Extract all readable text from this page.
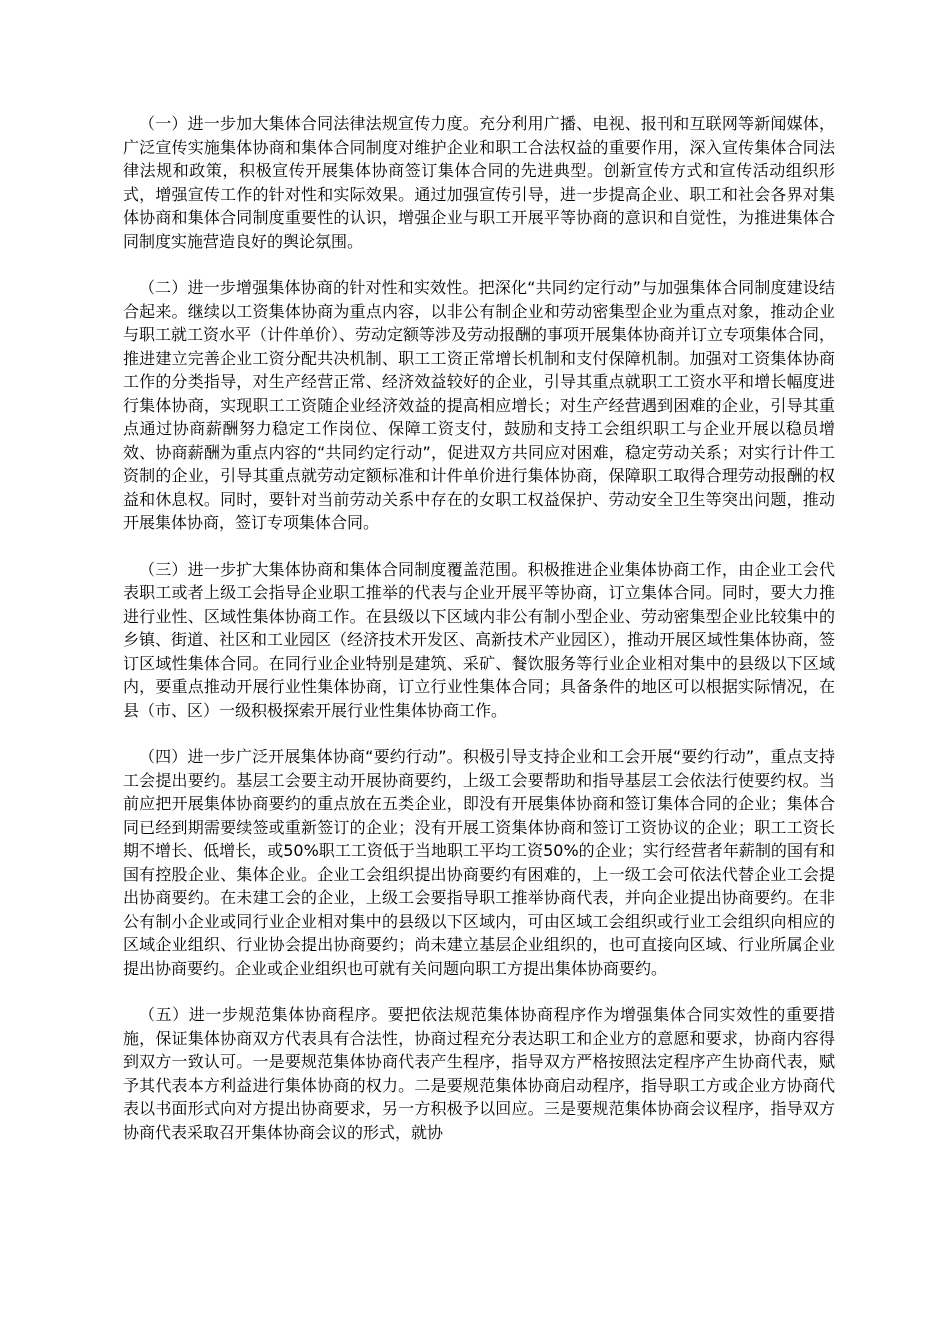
（一）进一步加大集体合同法律法规宣传力度。充分利用广播、电视、报刊和互联网等新闻媒体，广泛宣传实施集体协商和集体合同制度对维护企业和职工合法权益的重要作用，深入宣传集体合同法律法规和政策，积极宣传开展集体协商签订集体合同的先进典型。创新宣传方式和宣传活动组织形式，增强宣传工作的针对性和实际效果。通过加强宣传引导，进一步提高企业、职工和社会各界对集体协商和集体合同制度重要性的认识，增强企业与职工开展平等协商的意识和自觉性，为推进集体合同制度实施营造良好的舆论氛围。

（二）进一步增强集体协商的针对性和实效性。把深化“共同约定行动”与加强集体合同制度建设结合起来。继续以工资集体协商为重点内容，以非公有制企业和劳动密集型企业为重点对象，推动企业与职工就工资水平（计件单价）、劳动定额等涉及劳动报酬的事项开展集体协商并订立专项集体合同，推进建立完善企业工资分配共决机制、职工工资正常增长机制和支付保障机制。加强对工资集体协商工作的分类指导，对生产经营正常、经济效益较好的企业，引导其重点就职工工资水平和增长幅度进行集体协商，实现职工工资随企业经济效益的提高相应增长；对生产经营遇到困难的企业，引导其重点通过协商薪酬努力稳定工作岗位、保障工资支付，鼓励和支持工会组织职工与企业开展以稳员增效、协商薪酬为重点内容的“共同约定行动”，促进双方共同应对困难，稳定劳动关系；对实行计件工资制的企业，引导其重点就劳动定额标准和计件单价进行集体协商，保障职工取得合理劳动报酬的权益和休息权。同时，要针对当前劳动关系中存在的女职工权益保护、劳动安全卫生等突出问题，推动开展集体协商，签订专项集体合同。

（三）进一步扩大集体协商和集体合同制度覆盖范围。积极推进企业集体协商工作，由企业工会代表职工或者上级工会指导企业职工推举的代表与企业开展平等协商，订立集体合同。同时，要大力推进行业性、区域性集体协商工作。在县级以下区域内非公有制小型企业、劳动密集型企业比较集中的乡镇、街道、社区和工业园区（经济技术开发区、高新技术产业园区），推动开展区域性集体协商，签订区域性集体合同。在同行业企业特别是建筑、采矿、餐饮服务等行业企业相对集中的县级以下区域内，要重点推动开展行业性集体协商，订立行业性集体合同；具备条件的地区可以根据实际情况，在县（市、区）一级积极探索开展行业性集体协商工作。

（四）进一步广泛开展集体协商“要约行动”。积极引导支持企业和工会开展“要约行动”，重点支持工会提出要约。基层工会要主动开展协商要约，上级工会要帮助和指导基层工会依法行使要约权。当前应把开展集体协商要约的重点放在五类企业，即没有开展集体协商和签订集体合同的企业；集体合同已经到期需要续签或重新签订的企业；没有开展工资集体协商和签订工资协议的企业；职工工资长期不增长、低增长，或50%职工工资低于当地职工平均工资50%的企业；实行经营者年薪制的国有和国有控股企业、集体企业。企业工会组织提出协商要约有困难的，上一级工会可依法代替企业工会提出协商要约。在未建工会的企业，上级工会要指导职工推举协商代表，并向企业提出协商要约。在非公有制小企业或同行业企业相对集中的县级以下区域内，可由区域工会组织或行业工会组织向相应的区域企业组织、行业协会提出协商要约；尚未建立基层企业组织的，也可直接向区域、行业所属企业提出协商要约。企业或企业组织也可就有关问题向职工方提出集体协商要约。

（五）进一步规范集体协商程序。要把依法规范集体协商程序作为增强集体合同实效性的重要措施，保证集体协商双方代表具有合法性，协商过程充分表达职工和企业方的意愿和要求，协商内容得到双方一致认可。一是要规范集体协商代表产生程序，指导双方严格按照法定程序产生协商代表，赋予其代表本方利益进行集体协商的权力。二是要规范集体协商启动程序，指导职工方或企业方协商代表以书面形式向对方提出协商要求，另一方积极予以回应。三是要规范集体协商会议程序，指导双方协商代表采取召开集体协商会议的形式，就协
